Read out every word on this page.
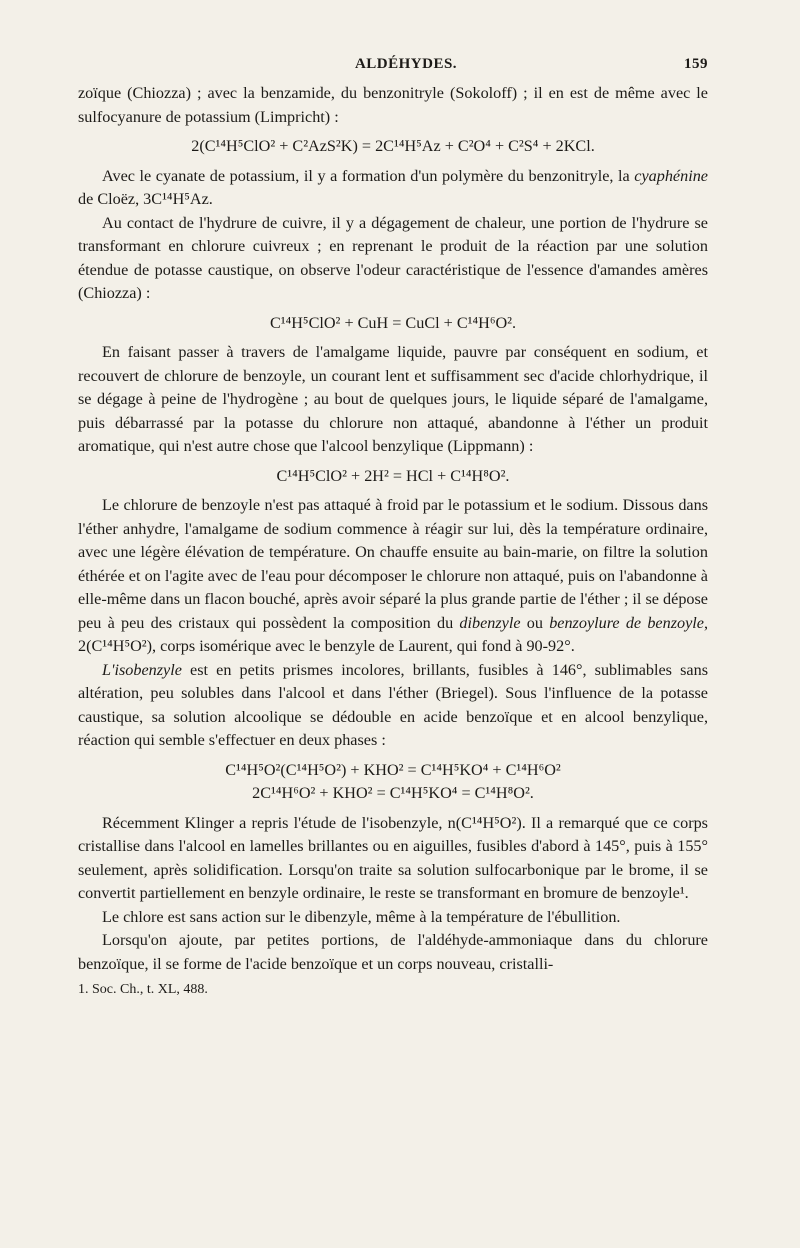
ALDÉHYDES.	159

zoïque (Chiozza) ; avec la benzamide, du benzonitryle (Sokoloff) ; il en est de même avec le sulfocyanure de potassium (Limpricht) :

2(C¹⁴H⁵ClO² + C²AzS²K) = 2C¹⁴H⁵Az + C²O⁴ + C²S⁴ + 2KCl.

Avec le cyanate de potassium, il y a formation d'un polymère du benzonitryle, la cyaphénine de Cloëz, 3C¹⁴H⁵Az.

Au contact de l'hydrure de cuivre, il y a dégagement de chaleur, une portion de l'hydrure se transformant en chlorure cuivreux ; en reprenant le produit de la réaction par une solution étendue de potasse caustique, on observe l'odeur caractéristique de l'essence d'amandes amères (Chiozza) :

C¹⁴H⁵ClO² + CuH = CuCl + C¹⁴H⁶O².

En faisant passer à travers de l'amalgame liquide, pauvre par conséquent en sodium, et recouvert de chlorure de benzoyle, un courant lent et suffisamment sec d'acide chlorhydrique, il se dégage à peine de l'hydrogène ; au bout de quelques jours, le liquide séparé de l'amalgame, puis débarrassé par la potasse du chlorure non attaqué, abandonne à l'éther un produit aromatique, qui n'est autre chose que l'alcool benzylique (Lippmann) :

C¹⁴H⁵ClO² + 2H² = HCl + C¹⁴H⁸O².

Le chlorure de benzoyle n'est pas attaqué à froid par le potassium et le sodium. Dissous dans l'éther anhydre, l'amalgame de sodium commence à réagir sur lui, dès la température ordinaire, avec une légère élévation de température. On chauffe ensuite au bain-marie, on filtre la solution éthérée et on l'agite avec de l'eau pour décomposer le chlorure non attaqué, puis on l'abandonne à elle-même dans un flacon bouché, après avoir séparé la plus grande partie de l'éther ; il se dépose peu à peu des cristaux qui possèdent la composition du dibenzyle ou benzoylure de benzoyle, 2(C¹⁴H⁵O²), corps isomérique avec le benzyle de Laurent, qui fond à 90-92°.

L'isobenzyle est en petits prismes incolores, brillants, fusibles à 146°, sublimables sans altération, peu solubles dans l'alcool et dans l'éther (Briegel). Sous l'influence de la potasse caustique, sa solution alcoolique se dédouble en acide benzoïque et en alcool benzylique, réaction qui semble s'effectuer en deux phases :

C¹⁴H⁵O²(C¹⁴H⁵O²) + KHO² = C¹⁴H⁵KO⁴ + C¹⁴H⁶O²
2C¹⁴H⁶O² + KHO² = C¹⁴H⁵KO⁴ = C¹⁴H⁸O².

Récemment Klinger a repris l'étude de l'isobenzyle, n(C¹⁴H⁵O²). Il a remarqué que ce corps cristallise dans l'alcool en lamelles brillantes ou en aiguilles, fusibles d'abord à 145°, puis à 155° seulement, après solidification. Lorsqu'on traite sa solution sulfocarbonique par le brome, il se convertit partiellement en benzyle ordinaire, le reste se transformant en bromure de benzoyle¹.

Le chlore est sans action sur le dibenzyle, même à la température de l'ébullition.

Lorsqu'on ajoute, par petites portions, de l'aldéhyde-ammoniaque dans du chlorure benzoïque, il se forme de l'acide benzoïque et un corps nouveau, cristalli-

1. Soc. Ch., t. XL, 488.
